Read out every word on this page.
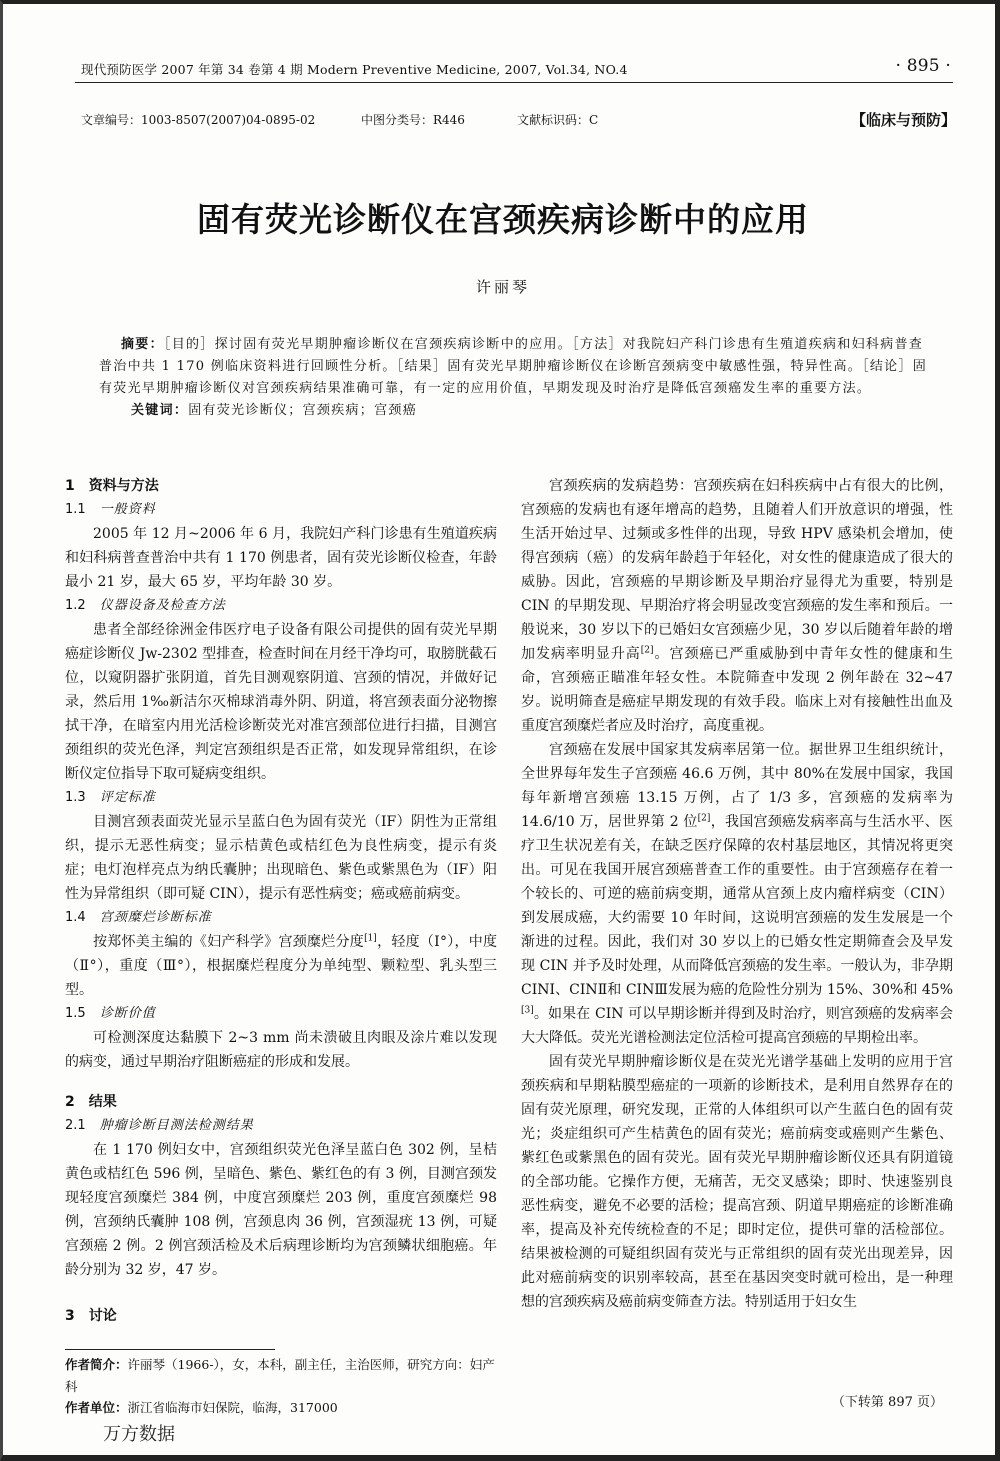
现代预防医学 2007 年第 34 卷第 4 期 Modern Preventive Medicine, 2007, Vol.34, NO.4	· 895 ·
文章编号：1003-8507(2007)04-0895-02	中图分类号：R446	文献标识码：C	【临床与预防】
固有荧光诊断仪在宫颈疾病诊断中的应用
许丽琴

摘要：［目的］探讨固有荧光早期肿瘤诊断仪在宫颈疾病诊断中的应用。［方法］对我院妇产科门诊患有生殖道疾病和妇科病普查普治中共 1 170 例临床资料进行回顾性分析。［结果］固有荧光早期肿瘤诊断仪在诊断宫颈病变中敏感性强，特异性高。［结论］固有荧光早期肿瘤诊断仪对宫颈疾病结果准确可靠，有一定的应用价值，早期发现及时治疗是降低宫颈癌发生率的重要方法。

关键词：固有荧光诊断仪；宫颈疾病；宫颈癌

1　资料与方法
1.1 一般资料

2005 年 12 月~2006 年 6 月，我院妇产科门诊患有生殖道疾病和妇科病普查普治中共有 1 170 例患者，固有荧光诊断仪检查，年龄最小 21 岁，最大 65 岁，平均年龄 30 岁。

1.2 仪器设备及检查方法

患者全部经徐洲金伟医疗电子设备有限公司提供的固有荧光早期癌症诊断仪 Jw-2302 型排查，检查时间在月经干净均可，取膀胱截石位，以窥阴器扩张阴道，首先目测观察阴道、宫颈的情况，并做好记录，然后用 1‰新洁尔灭棉球消毒外阴、阴道，将宫颈表面分泌物擦拭干净，在暗室内用光活检诊断荧光对准宫颈部位进行扫描，目测宫颈组织的荧光色泽，判定宫颈组织是否正常，如发现异常组织，在诊断仪定位指导下取可疑病变组织。

1.3 评定标准

目测宫颈表面荧光显示呈蓝白色为固有荧光（IF）阴性为正常组织，提示无恶性病变；显示桔黄色或桔红色为良性病变，提示有炎症；电灯泡样亮点为纳氏囊肿；出现暗色、紫色或紫黑色为（IF）阳性为异常组织（即可疑 CIN），提示有恶性病变；癌或癌前病变。

1.4 宫颈糜烂诊断标准

按郑怀美主编的《妇产科学》宫颈糜烂分度[1]，轻度（Ⅰ°），中度（Ⅱ°），重度（Ⅲ°），根据糜烂程度分为单纯型、颗粒型、乳头型三型。

1.5 诊断价值

可检测深度达黏膜下 2~3 mm 尚未溃破且肉眼及涂片难以发现的病变，通过早期治疗阻断癌症的形成和发展。

2　结果
2.1 肿瘤诊断目测法检测结果

在 1 170 例妇女中，宫颈组织荧光色泽呈蓝白色 302 例，呈桔黄色或桔红色 596 例，呈暗色、紫色、紫红色的有 3 例，目测宫颈发现轻度宫颈糜烂 384 例，中度宫颈糜烂 203 例，重度宫颈糜烂 98 例，宫颈纳氏囊肿 108 例，宫颈息肉 36 例，宫颈湿疣 13 例，可疑宫颈癌 2 例。2 例宫颈活检及术后病理诊断均为宫颈鳞状细胞癌。年龄分别为 32 岁，47 岁。

3　讨论

宫颈疾病的发病趋势：宫颈疾病在妇科疾病中占有很大的比例，宫颈癌的发病也有逐年增高的趋势，且随着人们开放意识的增强，性生活开始过早、过频或多性伴的出现，导致 HPV 感染机会增加，使得宫颈病（癌）的发病年龄趋于年轻化，对女性的健康造成了很大的威胁。因此，宫颈癌的早期诊断及早期治疗显得尤为重要，特别是 CIN 的早期发现、早期治疗将会明显改变宫颈癌的发生率和预后。一般说来，30 岁以下的已婚妇女宫颈癌少见，30 岁以后随着年龄的增加发病率明显升高[2]。宫颈癌已严重威胁到中青年女性的健康和生命，宫颈癌正瞄准年轻女性。本院筛查中发现 2 例年龄在 32~47 岁。说明筛查是癌症早期发现的有效手段。临床上对有接触性出血及重度宫颈糜烂者应及时治疗，高度重视。

宫颈癌在发展中国家其发病率居第一位。据世界卫生组织统计，全世界每年发生子宫颈癌 46.6 万例，其中 80%在发展中国家，我国每年新增宫颈癌 13.15 万例，占了 1/3 多，宫颈癌的发病率为 14.6/10 万，居世界第 2 位[2]，我国宫颈癌发病率高与生活水平、医疗卫生状况差有关，在缺乏医疗保障的农村基层地区，其情况将更突出。可见在我国开展宫颈癌普查工作的重要性。由于宫颈癌存在着一个较长的、可逆的癌前病变期，通常从宫颈上皮内瘤样病变（CIN）到发展成癌，大约需要 10 年时间，这说明宫颈癌的发生发展是一个渐进的过程。因此，我们对 30 岁以上的已婚女性定期筛查会及早发现 CIN 并予及时处理，从而降低宫颈癌的发生率。一般认为，非孕期 CINⅠ、CINⅡ和 CINⅢ发展为癌的危险性分别为 15%、30%和 45%[3]。如果在 CIN 可以早期诊断并得到及时治疗，则宫颈癌的发病率会大大降低。荧光光谱检测法定位活检可提高宫颈癌的早期检出率。

固有荧光早期肿瘤诊断仪是在荧光光谱学基础上发明的应用于宫颈疾病和早期粘膜型癌症的一项新的诊断技术，是利用自然界存在的固有荧光原理，研究发现，正常的人体组织可以产生蓝白色的固有荧光；炎症组织可产生桔黄色的固有荧光；癌前病变或癌则产生紫色、紫红色或紫黑色的固有荧光。固有荧光早期肿瘤诊断仪还具有阴道镜的全部功能。它操作方便，无痛苦，无交叉感染；即时、快速鉴别良恶性病变，避免不必要的活检；提高宫颈、阴道早期癌症的诊断准确率，提高及补充传统检查的不足；即时定位，提供可靠的活检部位。结果被检测的可疑组织固有荧光与正常组织的固有荧光出现差异，因此对癌前病变的识别率较高，甚至在基因突变时就可检出，是一种理想的宫颈疾病及癌前病变筛查方法。特别适用于妇女生

（下转第 897 页）
作者简介：许丽琴（1966-），女，本科，副主任，主治医师，研究方向：妇产科
作者单位：浙江省临海市妇保院，临海，317000
万方数据
